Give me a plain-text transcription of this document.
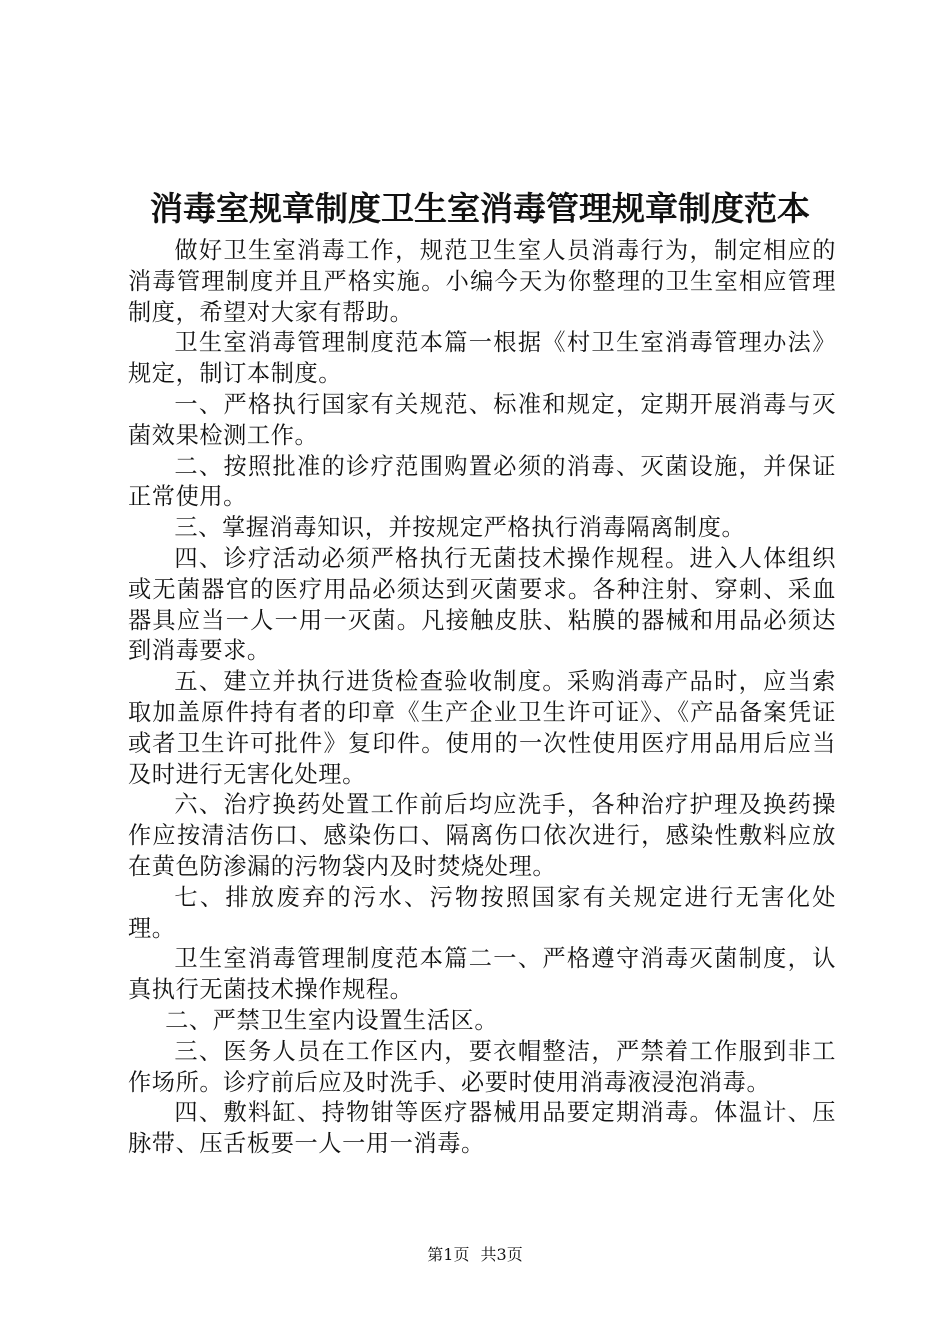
消毒室规章制度卫生室消毒管理规章制度范本

做好卫生室消毒工作，规范卫生室人员消毒行为，制定相应的消毒管理制度并且严格实施。小编今天为你整理的卫生室相应管理制度，希望对大家有帮助。

卫生室消毒管理制度范本篇一根据《村卫生室消毒管理办法》规定，制订本制度。

一、严格执行国家有关规范、标准和规定，定期开展消毒与灭菌效果检测工作。

二、按照批准的诊疗范围购置必须的消毒、灭菌设施，并保证正常使用。

三、掌握消毒知识，并按规定严格执行消毒隔离制度。

四、诊疗活动必须严格执行无菌技术操作规程。进入人体组织或无菌器官的医疗用品必须达到灭菌要求。各种注射、穿刺、采血器具应当一人一用一灭菌。凡接触皮肤、粘膜的器械和用品必须达到消毒要求。

五、建立并执行进货检查验收制度。采购消毒产品时，应当索取加盖原件持有者的印章《生产企业卫生许可证》、《产品备案凭证或者卫生许可批件》复印件。使用的一次性使用医疗用品用后应当及时进行无害化处理。

六、治疗换药处置工作前后均应洗手，各种治疗护理及换药操作应按清洁伤口、感染伤口、隔离伤口依次进行，感染性敷料应放在黄色防渗漏的污物袋内及时焚烧处理。

七、排放废弃的污水、污物按照国家有关规定进行无害化处理。

卫生室消毒管理制度范本篇二一、严格遵守消毒灭菌制度，认真执行无菌技术操作规程。

二、严禁卫生室内设置生活区。

三、医务人员在工作区内，要衣帽整洁，严禁着工作服到非工作场所。诊疗前后应及时洗手、必要时使用消毒液浸泡消毒。

四、敷料缸、持物钳等医疗器械用品要定期消毒。体温计、压脉带、压舌板要一人一用一消毒。

第1页 共3页
